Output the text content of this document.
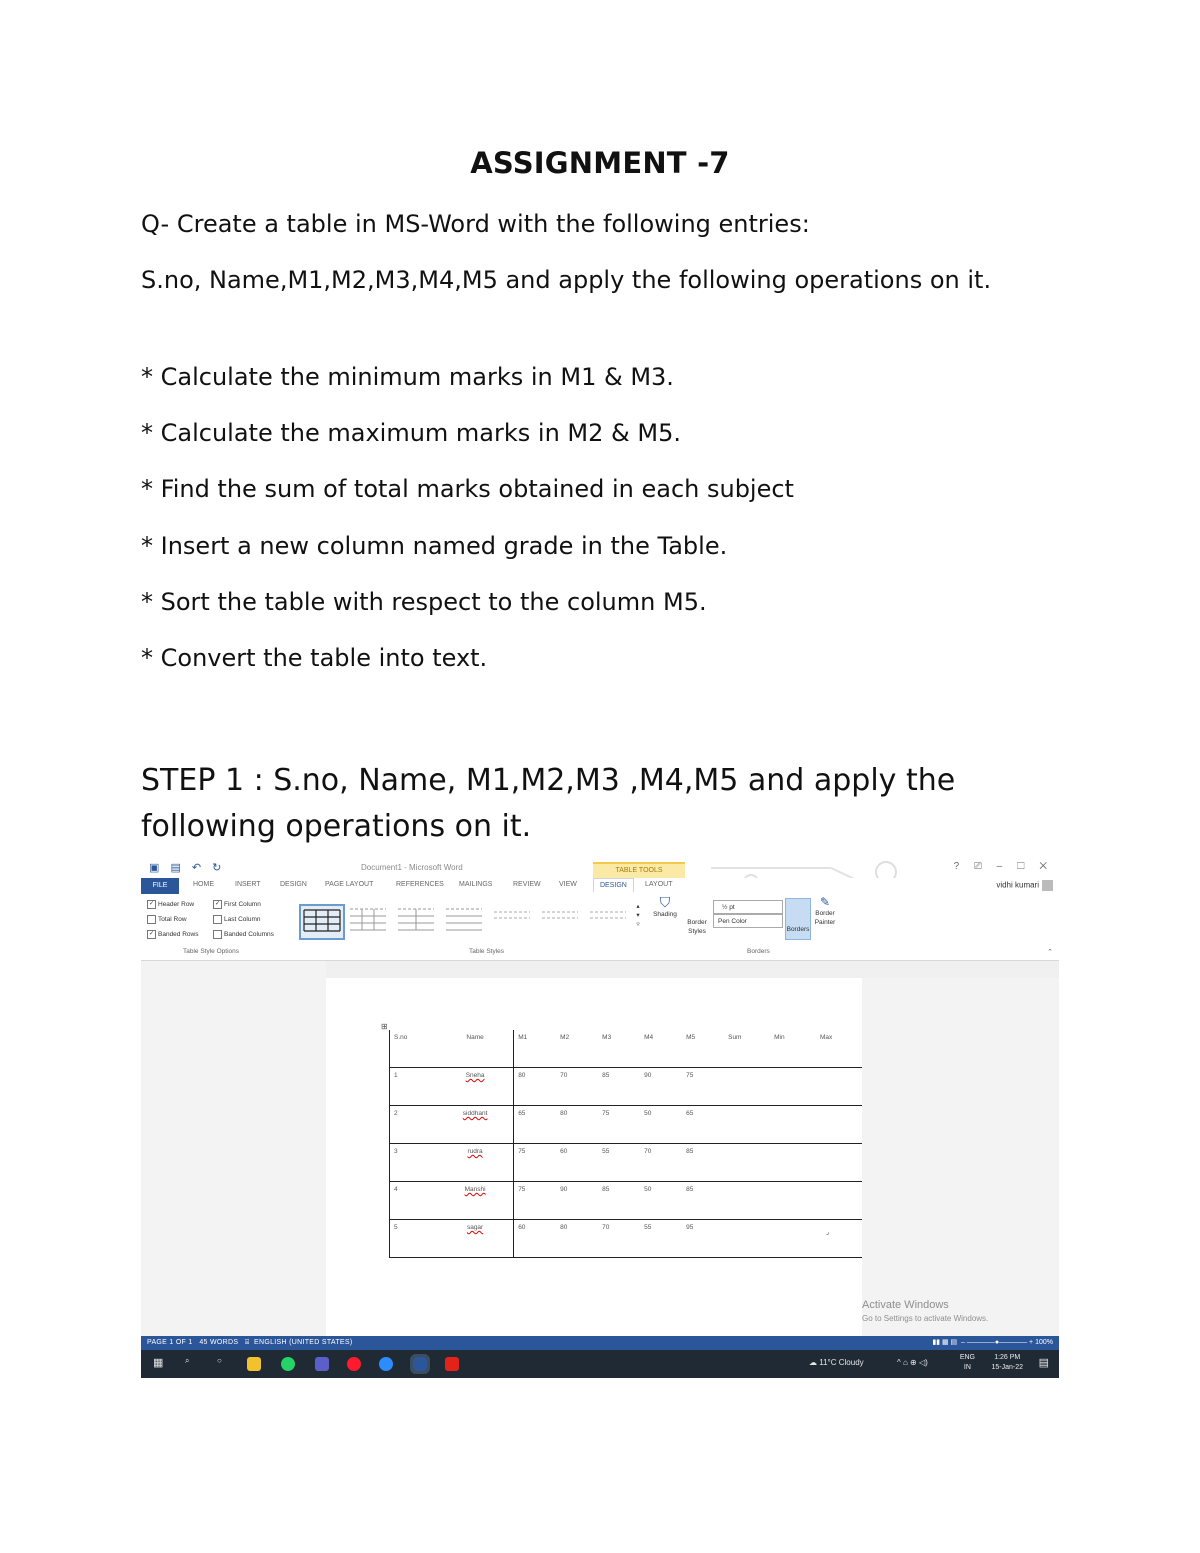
ASSIGNMENT -7
Q- Create a table in MS-Word with the following entries:
S.no, Name,M1,M2,M3,M4,M5 and apply the following operations on it.
* Calculate the minimum marks in M1 & M3.
* Calculate the maximum marks in M2 & M5.
* Find the sum of total marks obtained in each subject
* Insert a new column named grade in the Table.
* Sort the table with respect to the column M5.
* Convert the table into text.
STEP 1 : S.no, Name, M1,M2,M3 ,M4,M5 and apply the following operations on it.
▣ ▤ ↶ ↻	Document1 - Microsoft Word	TABLE TOOLS	? ⎚ – ☐ ✕
FILE	HOME	INSERT	DESIGN	PAGE LAYOUT	REFERENCES MAILINGS	REVIEW	VIEW	DESIGN	LAYOUT	vidhi kumari
✓ Header Row	✓ First Column
Total Row	Last Column
✓ Banded Rows	Banded Columns
Table Style Options
▴
▾
▿
Table Styles
⛉
Shading
Border Styles
½ pt
Pen Color
Borders
✎
Border Painter
Borders	⌃
⊞
S.no	Name	M1	M2	M3	M4	M5	Sum	Min	Max
1	Sneha	80	70	85	90	75			
2	siddhant	65	80	75	50	65			
3	rudra	75	60	55	70	85			
4	Manshi	75	90	85	50	85			
5	sagar	60	80	70	55	95			
⌟
Activate Windows
Go to Settings to activate Windows.
PAGE 1 OF 1 45 WORDS ⌸ ENGLISH (UNITED STATES)	▮▮ ▦ ▤ – ————●———— + 100%
▦	⌕	○	☁ 11°C Cloudy	^ ⌂ ⊕ ◁)
ENG
IN
1:26 PM
15-Jan-22 ▤
